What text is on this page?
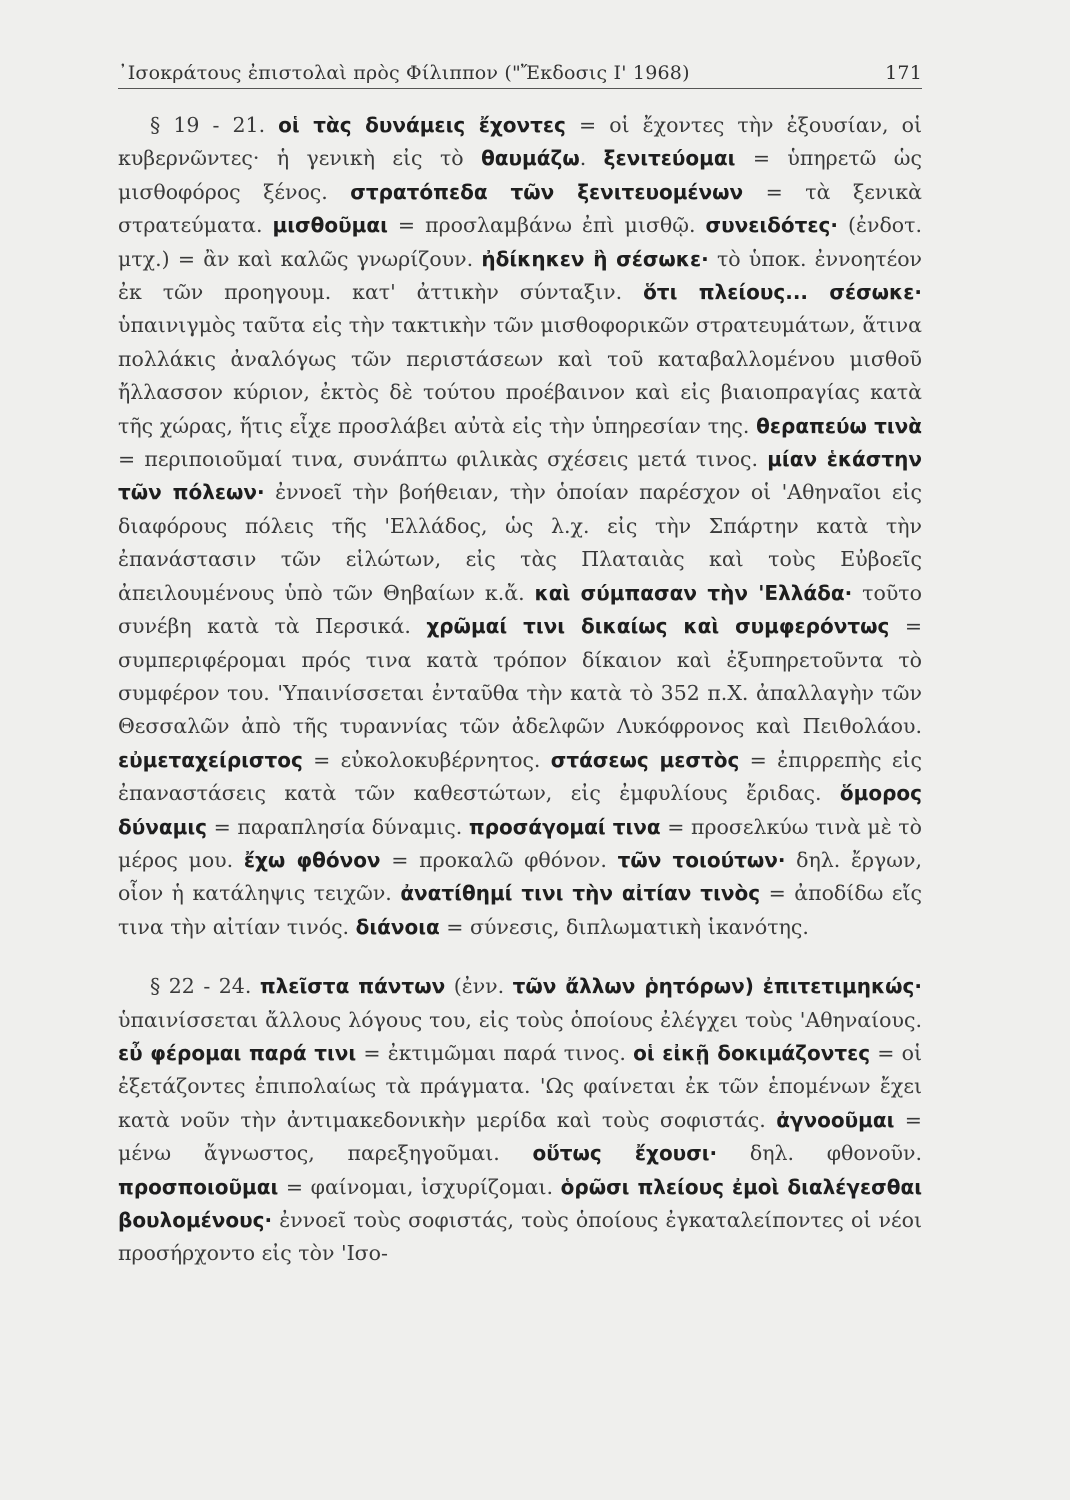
᾿Ισοκράτους ἐπιστολαὶ πρὸς Φίλιππον ("Ἔκδοσις Ι' 1968)	171

§ 19 - 21. οἱ τὰς δυνάμεις ἔχοντες = οἱ ἔχοντες τὴν ἐξουσίαν, οἱ κυβερνῶντες· ἡ γενικὴ εἰς τὸ θαυμάζω. ξενιτεύομαι = ὑπηρετῶ ὡς μισθοφόρος ξένος. στρατόπεδα τῶν ξενιτευομένων = τὰ ξενικὰ στρατεύματα. μισθοῦμαι = προσλαμβάνω ἐπὶ μισθῷ. συνειδότες· (ἐνδοτ. μτχ.) = ἂν καὶ καλῶς γνωρίζουν. ἠδίκηκεν ἢ σέσωκε· τὸ ὑποκ. ἐννοητέον ἐκ τῶν προηγουμ. κατ' ἀττικὴν σύνταξιν. ὅτι πλείους... σέσωκε· ὑπαινιγμὸς ταῦτα εἰς τὴν τακτικὴν τῶν μισθοφορικῶν στρατευμάτων, ἅτινα πολλάκις ἀναλόγως τῶν περιστάσεων καὶ τοῦ καταβαλλομένου μισθοῦ ἤλλασσον κύριον, ἐκτὸς δὲ τούτου προέβαινον καὶ εἰς βιαιοπραγίας κατὰ τῆς χώρας, ἥτις εἶχε προσλάβει αὐτὰ εἰς τὴν ὑπηρεσίαν της. θεραπεύω τινὰ = περιποιοῦμαί τινα, συνάπτω φιλικὰς σχέσεις μετά τινος. μίαν ἑκάστην τῶν πόλεων· ἐννοεῖ τὴν βοήθειαν, τὴν ὁποίαν παρέσχον οἱ 'Αθηναῖοι εἰς διαφόρους πόλεις τῆς 'Ελλάδος, ὡς λ.χ. εἰς τὴν Σπάρτην κατὰ τὴν ἐπανάστασιν τῶν εἱλώτων, εἰς τὰς Πλαταιὰς καὶ τοὺς Εὐβοεῖς ἀπειλουμένους ὑπὸ τῶν Θηβαίων κ.ἄ. καὶ σύμπασαν τὴν 'Ελλάδα· τοῦτο συνέβη κατὰ τὰ Περσικά. χρῶμαί τινι δικαίως καὶ συμφερόντως = συμπεριφέρομαι πρός τινα κατὰ τρόπον δίκαιον καὶ ἐξυπηρετοῦντα τὸ συμφέρον του. 'Υπαινίσσεται ἐνταῦθα τὴν κατὰ τὸ 352 π.Χ. ἀπαλλαγὴν τῶν Θεσσαλῶν ἀπὸ τῆς τυραννίας τῶν ἀδελφῶν Λυκόφρονος καὶ Πειθολάου. εὐμεταχείριστος = εὐκολοκυβέρνητος. στάσεως μεστὸς = ἐπιρρεπὴς εἰς ἐπαναστάσεις κατὰ τῶν καθεστώτων, εἰς ἐμφυλίους ἔριδας. ὅμορος δύναμις = παραπλησία δύναμις. προσάγομαί τινα = προσελκύω τινὰ μὲ τὸ μέρος μου. ἔχω φθόνον = προκαλῶ φθόνον. τῶν τοιούτων· δηλ. ἔργων, οἷον ἡ κατάληψις τειχῶν. ἀνατίθημί τινι τὴν αἰτίαν τινὸς = ἀποδίδω εἴς τινα τὴν αἰτίαν τινός. διάνοια = σύνεσις, διπλωματικὴ ἱκανότης.

§ 22 - 24. πλεῖστα πάντων (ἐνν. τῶν ἄλλων ῥητόρων) ἐπιτετιμηκώς· ὑπαινίσσεται ἄλλους λόγους του, εἰς τοὺς ὁποίους ἐλέγχει τοὺς 'Αθηναίους. εὖ φέρομαι παρά τινι = ἐκτιμῶμαι παρά τινος. οἱ εἰκῇ δοκιμάζοντες = οἱ ἐξετάζοντες ἐπιπολαίως τὰ πράγματα. 'Ως φαίνεται ἐκ τῶν ἑπομένων ἔχει κατὰ νοῦν τὴν ἀντιμακεδονικὴν μερίδα καὶ τοὺς σοφιστάς. ἀγνοοῦμαι = μένω ἄγνωστος, παρεξηγοῦμαι. οὕτως ἔχουσι· δηλ. φθονοῦν. προσποιοῦμαι = φαίνομαι, ἰσχυρίζομαι. ὁρῶσι πλείους ἐμοὶ διαλέγεσθαι βουλομένους· ἐννοεῖ τοὺς σοφιστάς, τοὺς ὁποίους ἐγκαταλείποντες οἱ νέοι προσήρχοντο εἰς τὸν 'Ισο-
